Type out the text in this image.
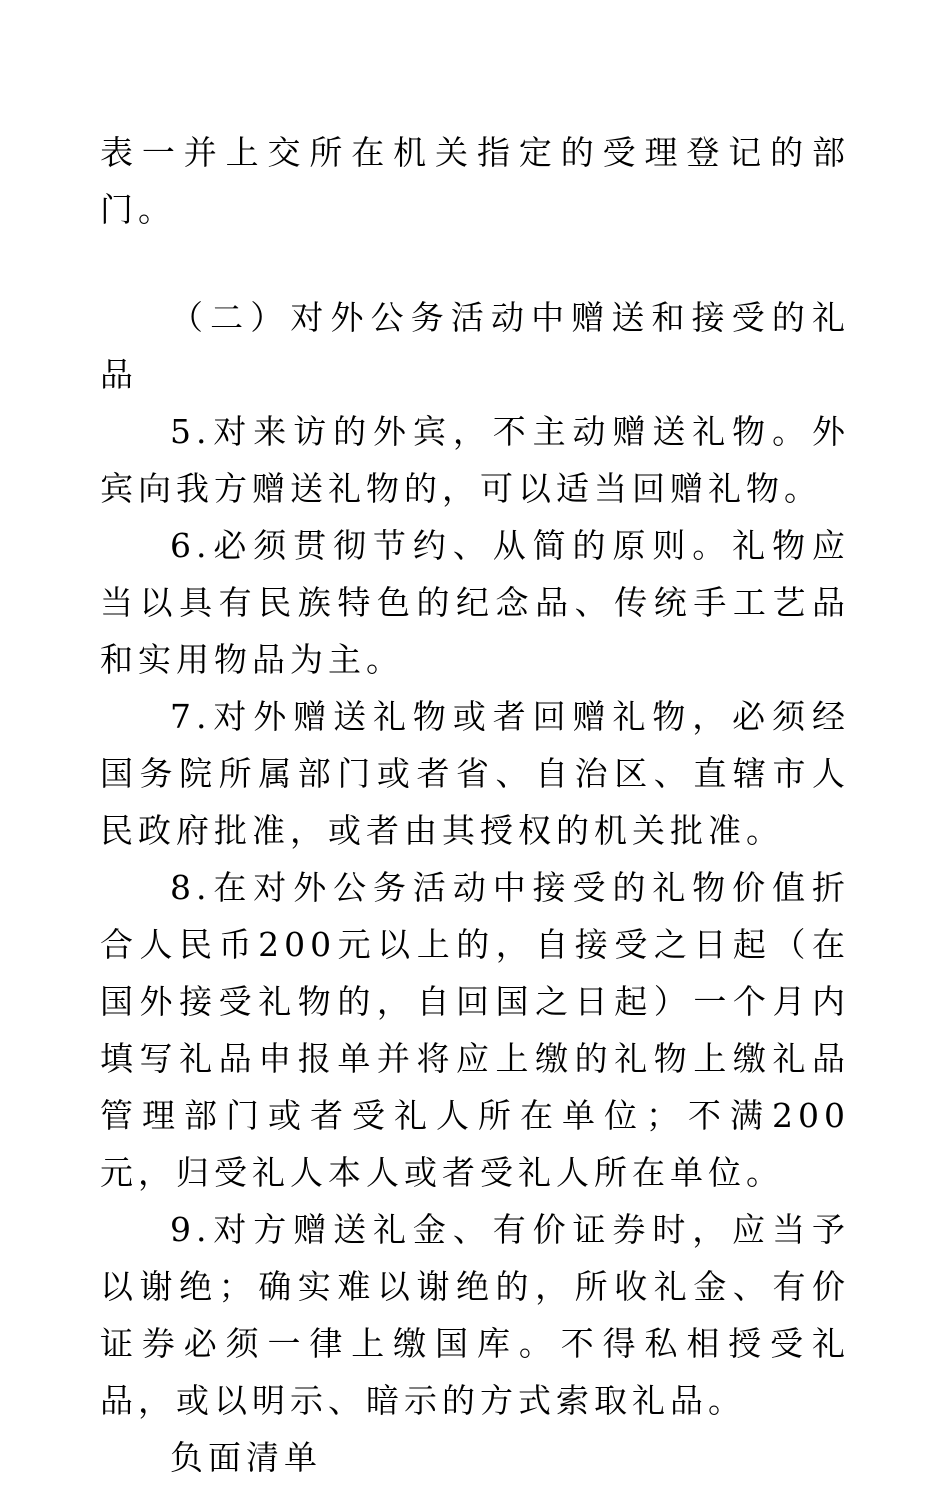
表一并上交所在机关指定的受理登记的部门。

（二）对外公务活动中赠送和接受的礼品

5.对来访的外宾，不主动赠送礼物。外宾向我方赠送礼物的，可以适当回赠礼物。

6.必须贯彻节约、从简的原则。礼物应当以具有民族特色的纪念品、传统手工艺品和实用物品为主。

7.对外赠送礼物或者回赠礼物，必须经国务院所属部门或者省、自治区、直辖市人民政府批准，或者由其授权的机关批准。

8.在对外公务活动中接受的礼物价值折合人民币200元以上的，自接受之日起（在国外接受礼物的，自回国之日起）一个月内填写礼品申报单并将应上缴的礼物上缴礼品管理部门或者受礼人所在单位；不满200元，归受礼人本人或者受礼人所在单位。

9.对方赠送礼金、有价证券时，应当予以谢绝；确实难以谢绝的，所收礼金、有价证券必须一律上缴国库。不得私相授受礼品，或以明示、暗示的方式索取礼品。

负面清单
